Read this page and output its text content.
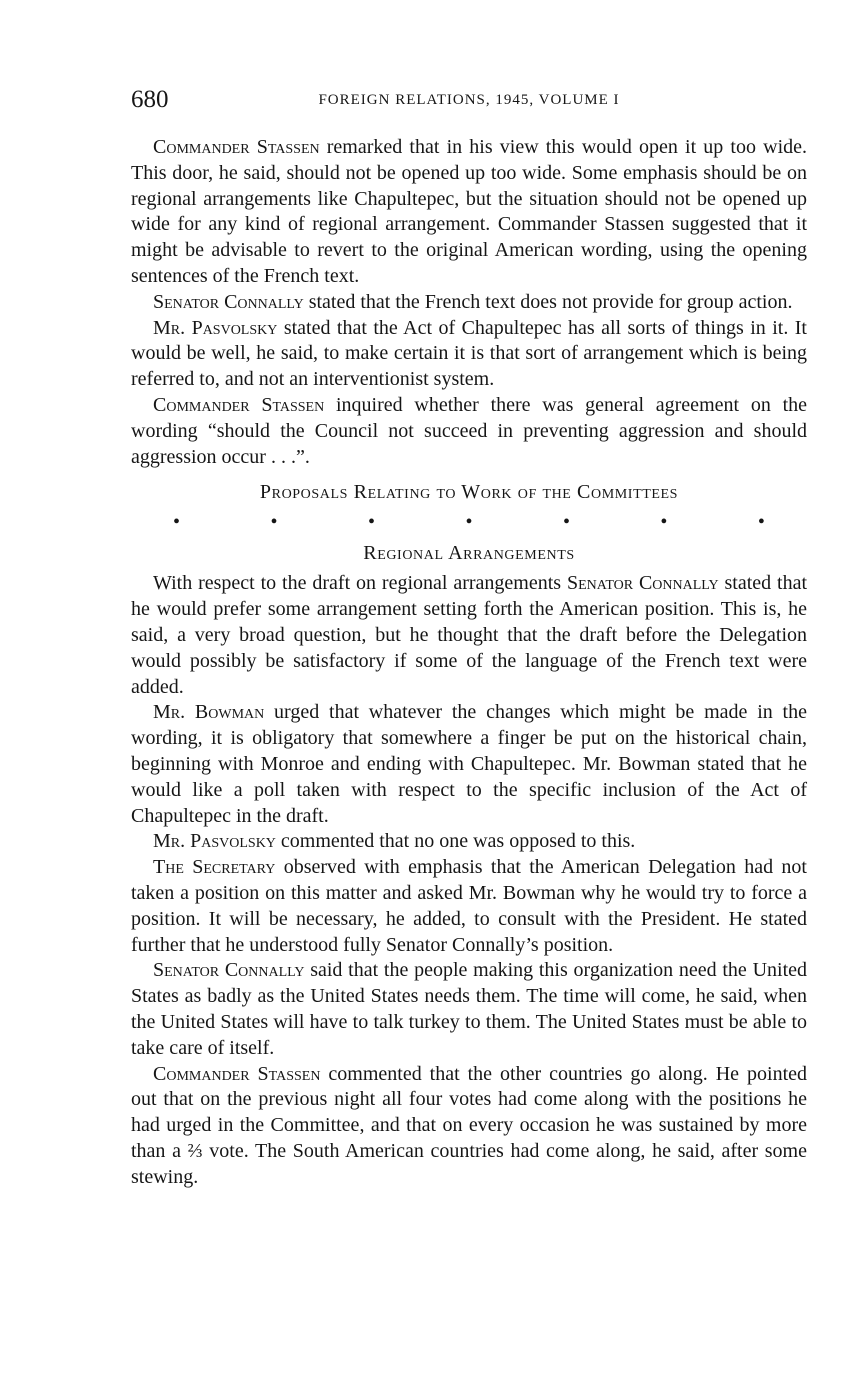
680	FOREIGN RELATIONS, 1945, VOLUME I

Commander Stassen remarked that in his view this would open it up too wide. This door, he said, should not be opened up too wide. Some emphasis should be on regional arrangements like Chapultepec, but the situation should not be opened up wide for any kind of regional arrangement. Commander Stassen suggested that it might be advisable to revert to the original American wording, using the opening sentences of the French text.

Senator Connally stated that the French text does not provide for group action.

Mr. Pasvolsky stated that the Act of Chapultepec has all sorts of things in it. It would be well, he said, to make certain it is that sort of arrangement which is being referred to, and not an interventionist system.

Commander Stassen inquired whether there was general agreement on the wording “should the Council not succeed in preventing aggression and should aggression occur . . .”.

Proposals Relating to Work of the Committees
•	•	•	•	•	•	•
Regional Arrangements

With respect to the draft on regional arrangements Senator Connally stated that he would prefer some arrangement setting forth the American position. This is, he said, a very broad question, but he thought that the draft before the Delegation would possibly be satisfactory if some of the language of the French text were added.

Mr. Bowman urged that whatever the changes which might be made in the wording, it is obligatory that somewhere a finger be put on the historical chain, beginning with Monroe and ending with Chapultepec. Mr. Bowman stated that he would like a poll taken with respect to the specific inclusion of the Act of Chapultepec in the draft.

Mr. Pasvolsky commented that no one was opposed to this.

The Secretary observed with emphasis that the American Delegation had not taken a position on this matter and asked Mr. Bowman why he would try to force a position. It will be necessary, he added, to consult with the President. He stated further that he understood fully Senator Connally’s position.

Senator Connally said that the people making this organization need the United States as badly as the United States needs them. The time will come, he said, when the United States will have to talk turkey to them. The United States must be able to take care of itself.

Commander Stassen commented that the other countries go along. He pointed out that on the previous night all four votes had come along with the positions he had urged in the Committee, and that on every occasion he was sustained by more than a ⅔ vote. The South American countries had come along, he said, after some stewing.
